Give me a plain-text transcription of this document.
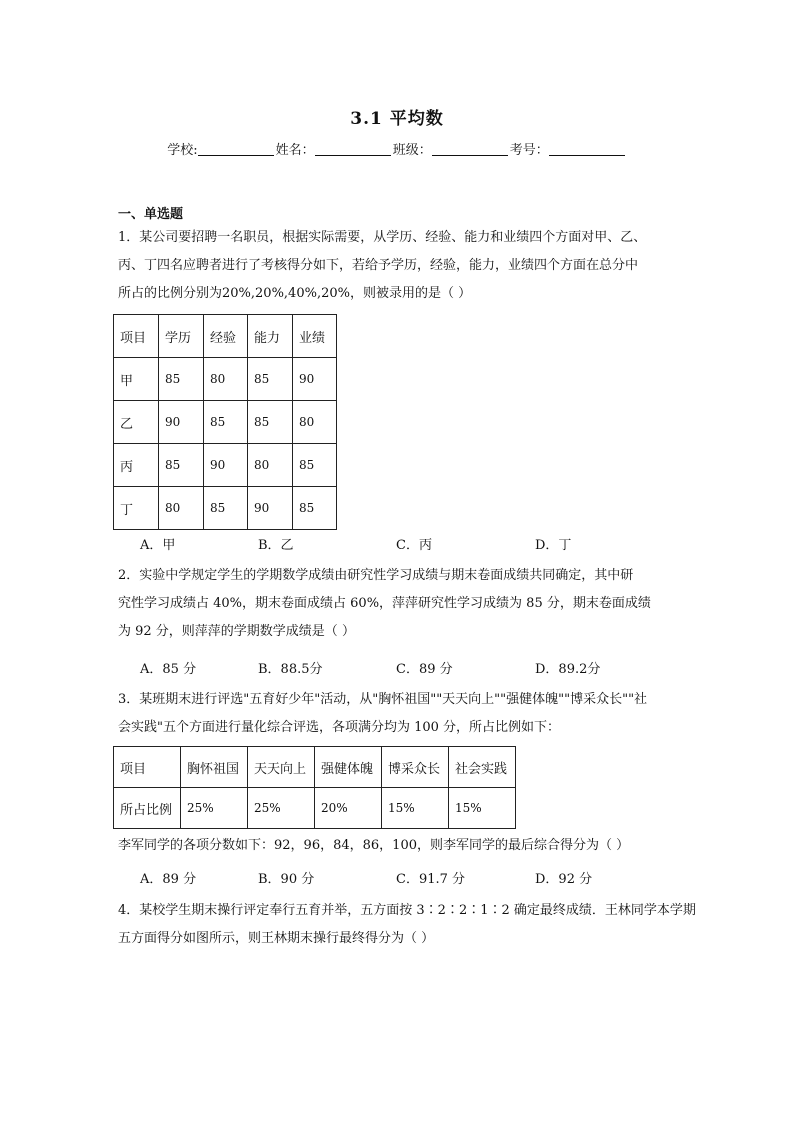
3.1 平均数
学校:	姓名：	班级：	考号：
一、单选题
1．某公司要招聘一名职员，根据实际需要，从学历、经验、能力和业绩四个方面对甲、乙、
丙、丁四名应聘者进行了考核得分如下，若给予学历，经验，能力，业绩四个方面在总分中
所占的比例分别为20%,20%,40%,20%，则被录用的是（ ）
项目	学历	经验	能力	业绩
甲	85	80	85	90
乙	90	85	85	80
丙	85	90	80	85
丁	80	85	90	85
A．甲	B．乙	C．丙	D．丁
2．实验中学规定学生的学期数学成绩由研究性学习成绩与期末卷面成绩共同确定，其中研
究性学习成绩占 40%，期末卷面成绩占 60%，萍萍研究性学习成绩为 85 分，期末卷面成绩
为 92 分，则萍萍的学期数学成绩是（ ）
A．85 分	B．88.5分	C．89 分	D．89.2分
3．某班期末进行评选"五育好少年"活动，从"胸怀祖国""天天向上""强健体魄""博采众长""社
会实践"五个方面进行量化综合评选，各项满分均为 100 分，所占比例如下：
项目	胸怀祖国	天天向上	强健体魄	博采众长	社会实践
所占比例	25%	25%	20%	15%	15%
李军同学的各项分数如下：92，96，84，86，100，则李军同学的最后综合得分为（ ）
A．89 分	B．90 分	C．91.7 分	D．92 分
4．某校学生期末操行评定奉行五育并举，五方面按 3∶2∶2∶1∶2 确定最终成绩．王林同学本学期
五方面得分如图所示，则王林期末操行最终得分为（ ）
